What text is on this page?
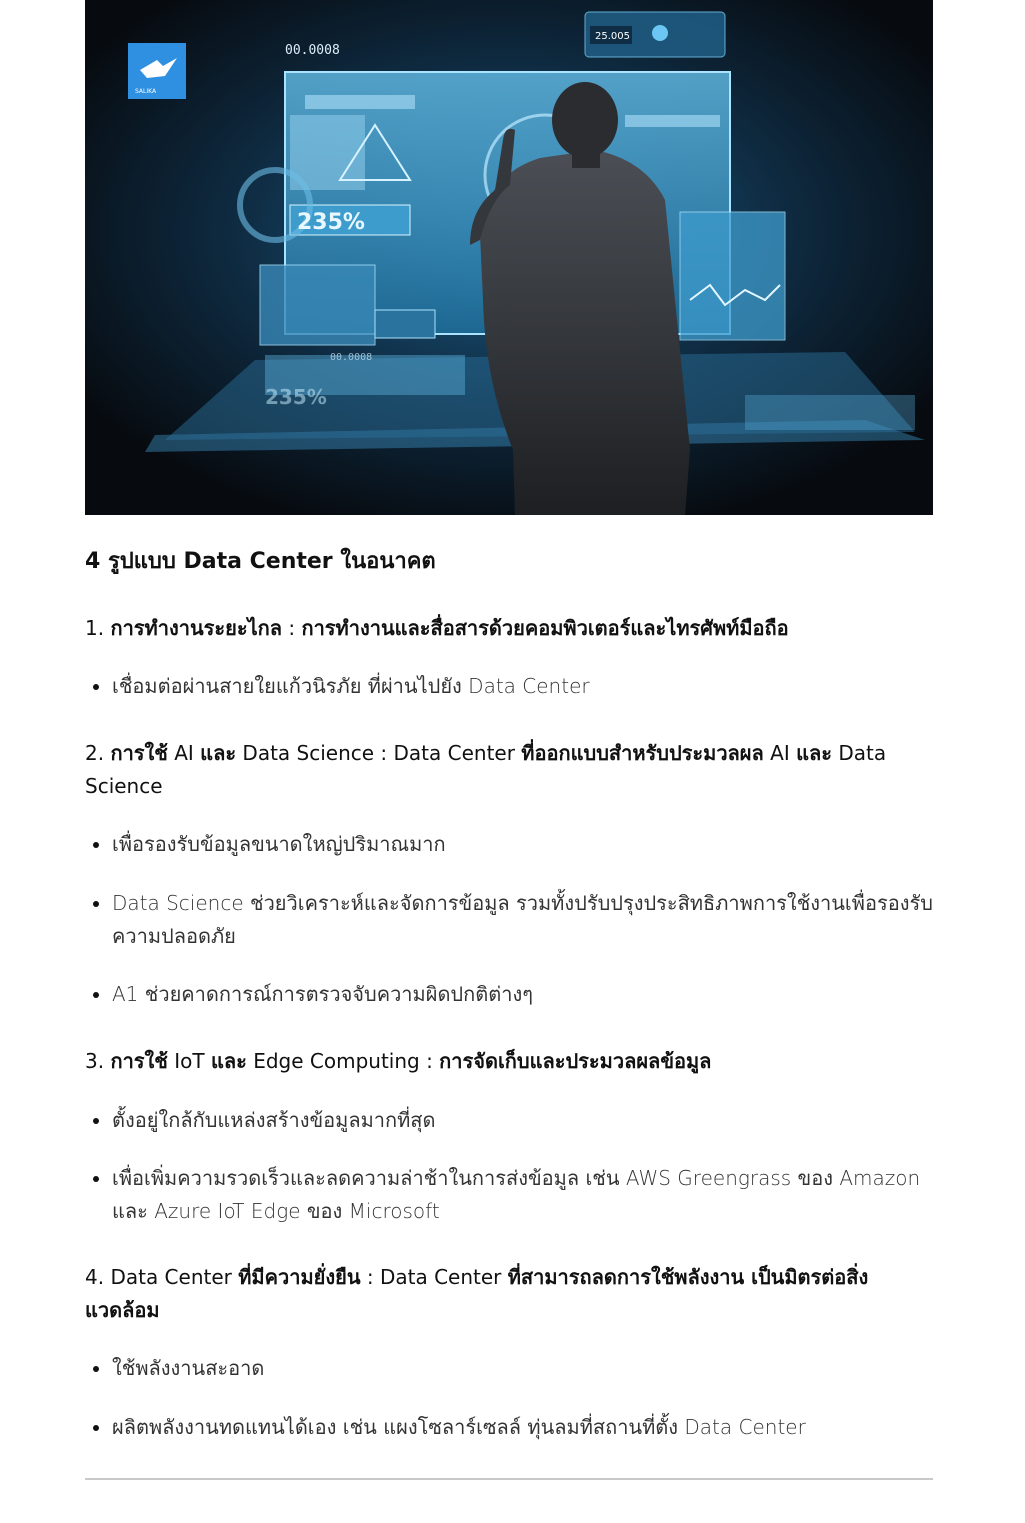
00.0008
25.005
235%
00.0008
235%
SALIKA
4 รูปแบบ Data Center ในอนาคต

1. การทำงานระยะไกล : การทำงานและสื่อสารด้วยคอมพิวเตอร์และไทรศัพท์มือถือ

• เชื่อมต่อผ่านสายใยแก้วนิรภัย ที่ผ่านไปยัง Data Center

2. การใช้ AI และ Data Science : Data Center ที่ออกแบบสำหรับประมวลผล AI และ Data Science

• เพื่อรองรับข้อมูลขนาดใหญ่ปริมาณมาก
• Data Science ช่วยวิเคราะห์และจัดการข้อมูล รวมทั้งปรับปรุงประสิทธิภาพการใช้งานเพื่อรองรับความปลอดภัย
• A1 ช่วยคาดการณ์การตรวจจับความผิดปกติต่างๆ

3. การใช้ IoT และ Edge Computing : การจัดเก็บและประมวลผลข้อมูล

• ตั้งอยู่ใกล้กับแหล่งสร้างข้อมูลมากที่สุด
• เพื่อเพิ่มความรวดเร็วและลดความล่าช้าในการส่งข้อมูล เช่น AWS Greengrass ของ Amazon และ Azure IoT Edge ของ Microsoft

4. Data Center ที่มีความยั่งยืน : Data Center ที่สามารถลดการใช้พลังงาน เป็นมิตรต่อสิ่งแวดล้อม

• ใช้พลังงานสะอาด
• ผลิตพลังงานทดแทนได้เอง เช่น แผงโซลาร์เซลล์ ทุ่นลมที่สถานที่ตั้ง Data Center
